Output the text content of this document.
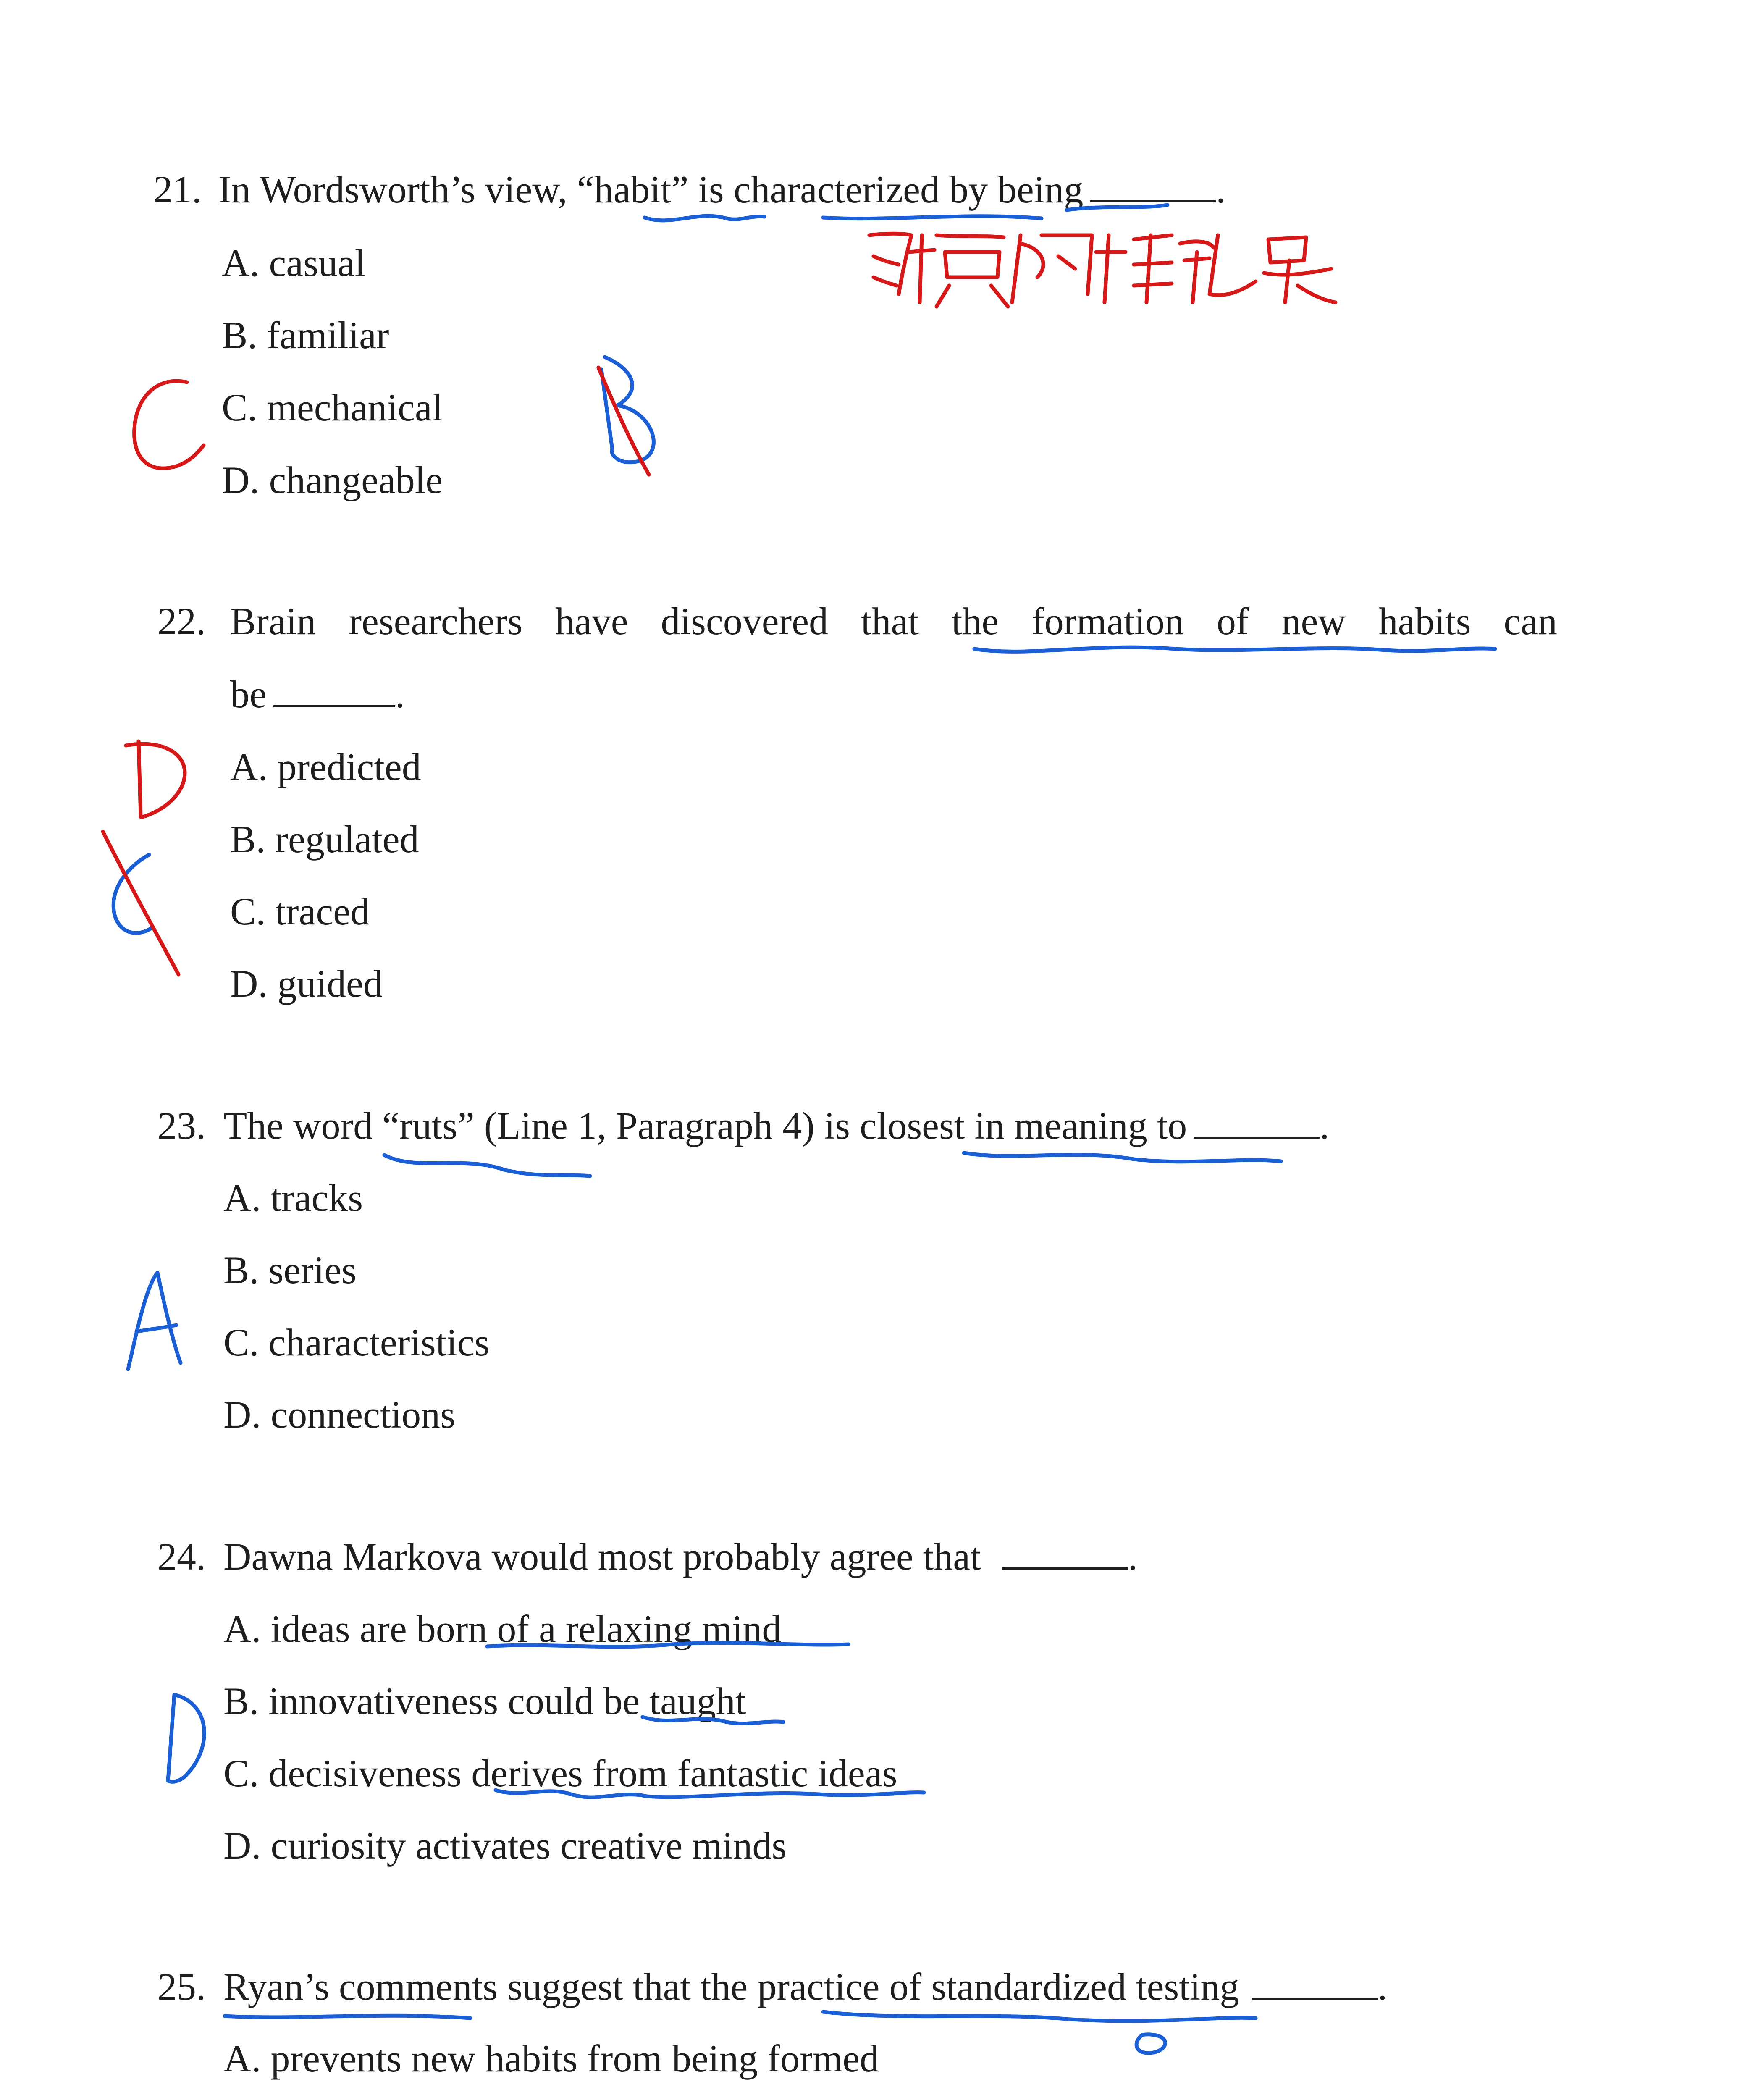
21. In Wordsworth’s view, “habit” is characterized by being	.
A. casual
B. familiar
C. mechanical
D. changeable
22. Brain researchers have discovered that the formation of new habits can
be	.
A. predicted
B. regulated
C. traced
D. guided
23. The word “ruts” (Line 1, Paragraph 4) is closest in meaning to	.
A. tracks
B. series
C. characteristics
D. connections
24. Dawna Markova would most probably agree that	.
A. ideas are born of a relaxing mind
B. innovativeness could be taught
C. decisiveness derives from fantastic ideas
D. curiosity activates creative minds
25. Ryan’s comments suggest that the practice of standardized testing	.
A. prevents new habits from being formed
